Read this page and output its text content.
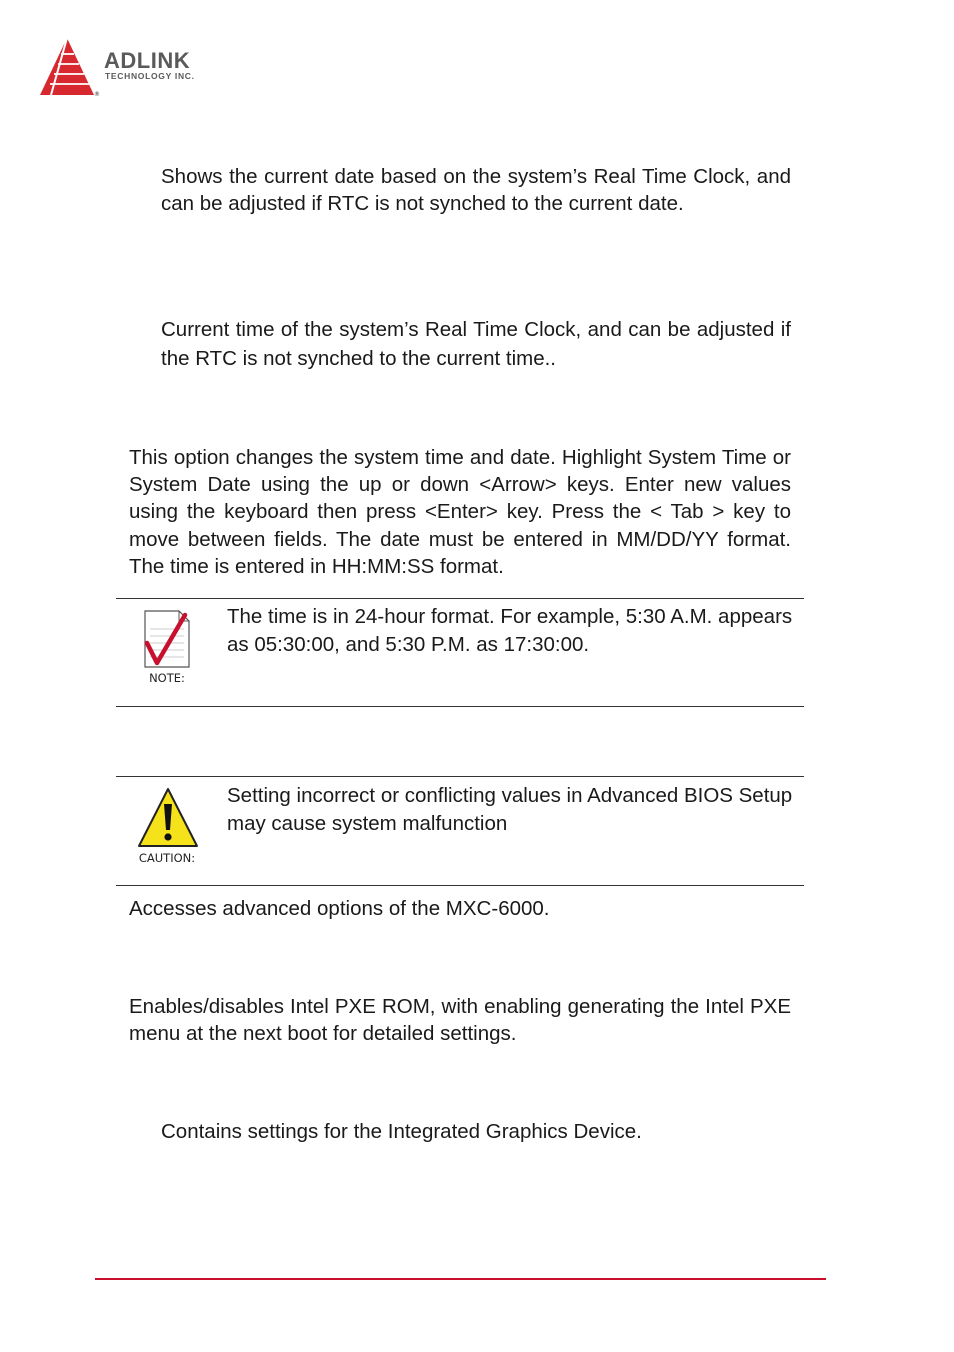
®
ADLINK
TECHNOLOGY INC.

Shows the current date based on the system’s Real Time Clock, and can be adjusted if RTC is not synched to the current date.

Current time of the system’s Real Time Clock, and can be adjusted if the RTC is not synched to the current time..

This option changes the system time and date. Highlight System Time or System Date using the up or down <Arrow> keys. Enter new values using the keyboard then press <Enter> key. Press the < Tab > key to move between fields. The date must be entered in MM/DD/YY format. The time is entered in HH:MM:SS format.

NOTE:

The time is in 24-hour format. For example, 5:30 A.M. appears as 05:30:00, and 5:30 P.M. as 17:30:00.

CAUTION:

Setting incorrect or conflicting values in Advanced BIOS Setup may cause system malfunction

Accesses advanced options of the MXC-6000.

Enables/disables Intel PXE ROM, with enabling generating the Intel PXE menu at the next boot for detailed settings.

Contains settings for the Integrated Graphics Device.
